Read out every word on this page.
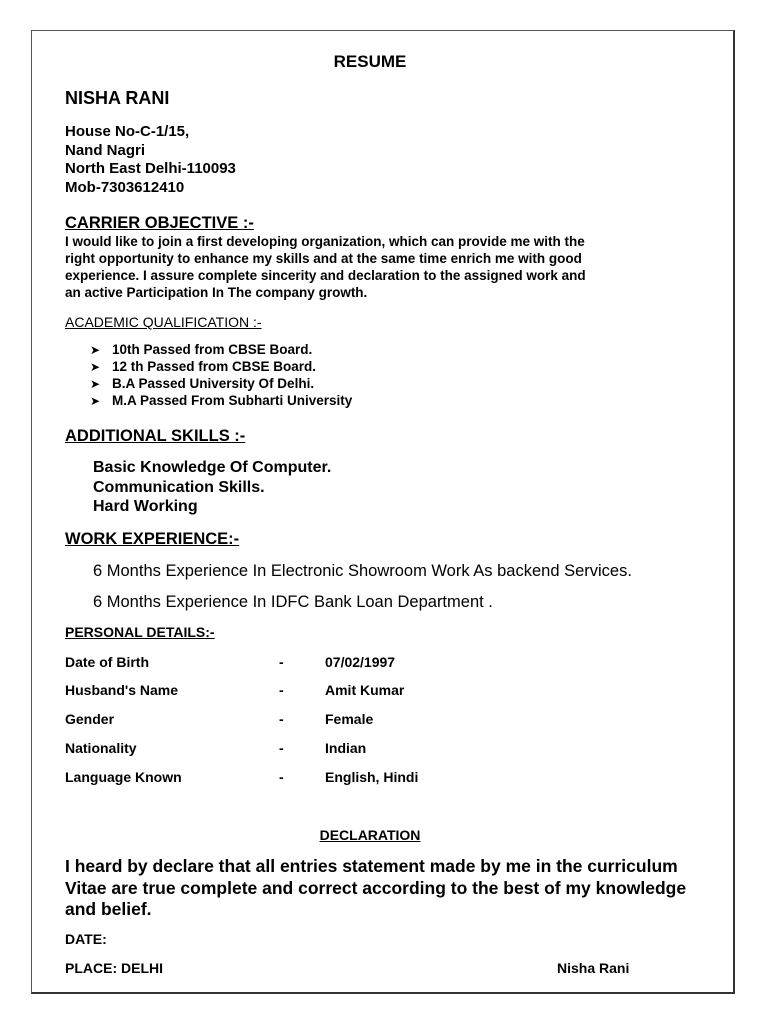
RESUME
NISHA RANI
House No-C-1/15,
Nand Nagri
North East Delhi-110093
Mob-7303612410
CARRIER OBJECTIVE :-
I would like to join a first developing organization, which can provide me with the
right opportunity to enhance my skills and at the same time enrich me with good
experience. I assure complete sincerity and declaration to the assigned work and
an active Participation In The company growth.
ACADEMIC QUALIFICATION :-
➤ 10th Passed from CBSE Board.
➤ 12 th Passed from CBSE Board.
➤ B.A Passed University Of Delhi.
➤ M.A Passed From Subharti University
ADDITIONAL SKILLS :-
Basic Knowledge Of Computer.
Communication Skills.
Hard Working
WORK EXPERIENCE:-
6 Months Experience In Electronic Showroom Work As backend Services.
6 Months Experience In IDFC Bank Loan Department .
PERSONAL DETAILS:-
Date of Birth	-	07/02/1997
Husband's Name	-	Amit Kumar
Gender	-	Female
Nationality	-	Indian
Language Known	-	English, Hindi
DECLARATION
I heard by declare that all entries statement made by me in the curriculum Vitae are true complete and correct according to the best of my knowledge and belief.
DATE:
PLACE: DELHI	Nisha Rani
